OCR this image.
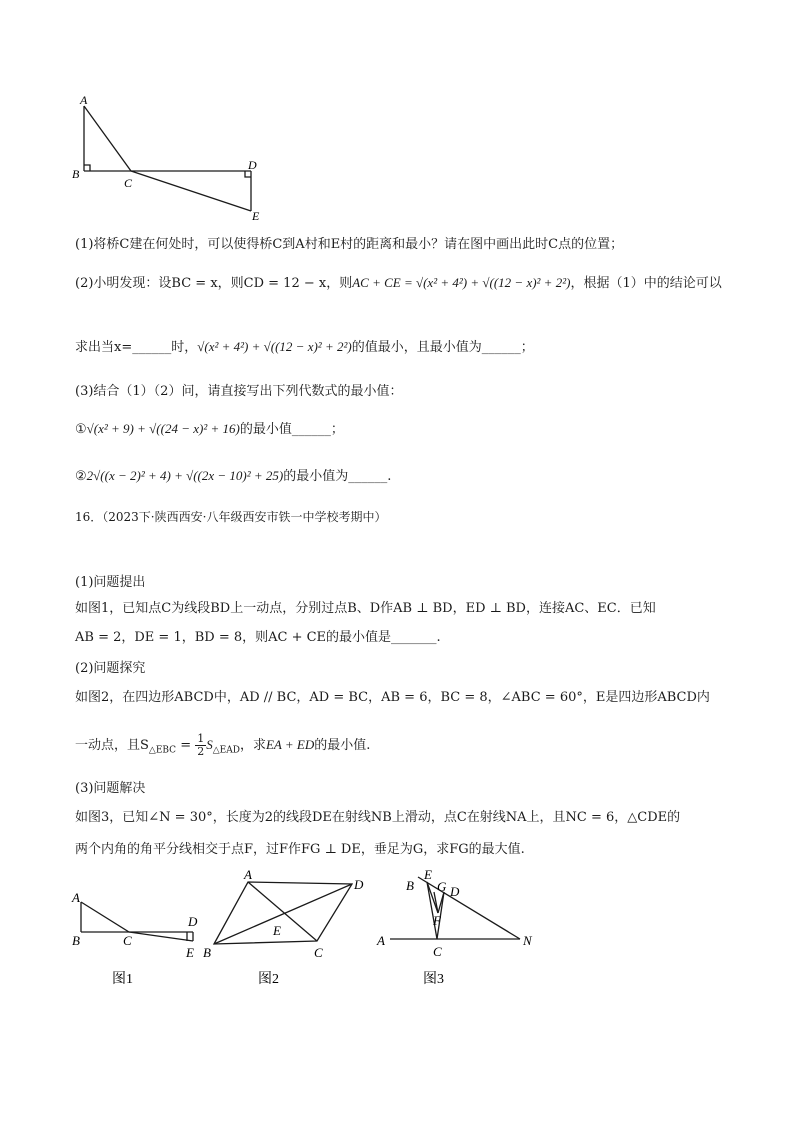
A
B
C
D
E
(1)将桥C建在何处时，可以使得桥C到A村和E村的距离和最小？请在图中画出此时C点的位置；
(2)小明发现：设BC = x，则CD = 12 − x，则AC + CE = √(x² + 4²) + √((12 − x)² + 2²)，根据（1）中的结论可以
求出当x=______时，√(x² + 4²) + √((12 − x)² + 2²)的值最小，且最小值为______；
(3)结合（1）（2）问，请直接写出下列代数式的最小值：
①√(x² + 9) + √((24 − x)² + 16)的最小值______；
②2√((x − 2)² + 4) + √((2x − 10)² + 25)的最小值为______.
16．（2023下·陕西西安·八年级西安市铁一中学校考期中）
(1)问题提出
如图1，已知点C为线段BD上一动点，分别过点B、D作AB ⊥ BD，ED ⊥ BD，连接AC、EC．已知
AB = 2，DE = 1，BD = 8，则AC + CE的最小值是_______.
(2)问题探究
如图2，在四边形ABCD中，AD // BC，AD = BC，AB = 6，BC = 8，∠ABC = 60°，E是四边形ABCD内
一动点，且$S_{\triangle EBC} = \frac{1}{2} S_{\triangle EAD}$，求EA + ED的最小值.
(3)问题解决
如图3，已知∠N = 30°，长度为2的线段DE在射线NB上滑动，点C在射线NA上，且NC = 6，△CDE的
两个内角的角平分线相交于点F，过F作FG ⊥ DE，垂足为G，求FG的最大值.
A
B	C
D
E
图1
A
D
B	C
E
图2
E
B G D
F
A
C
N
图3
